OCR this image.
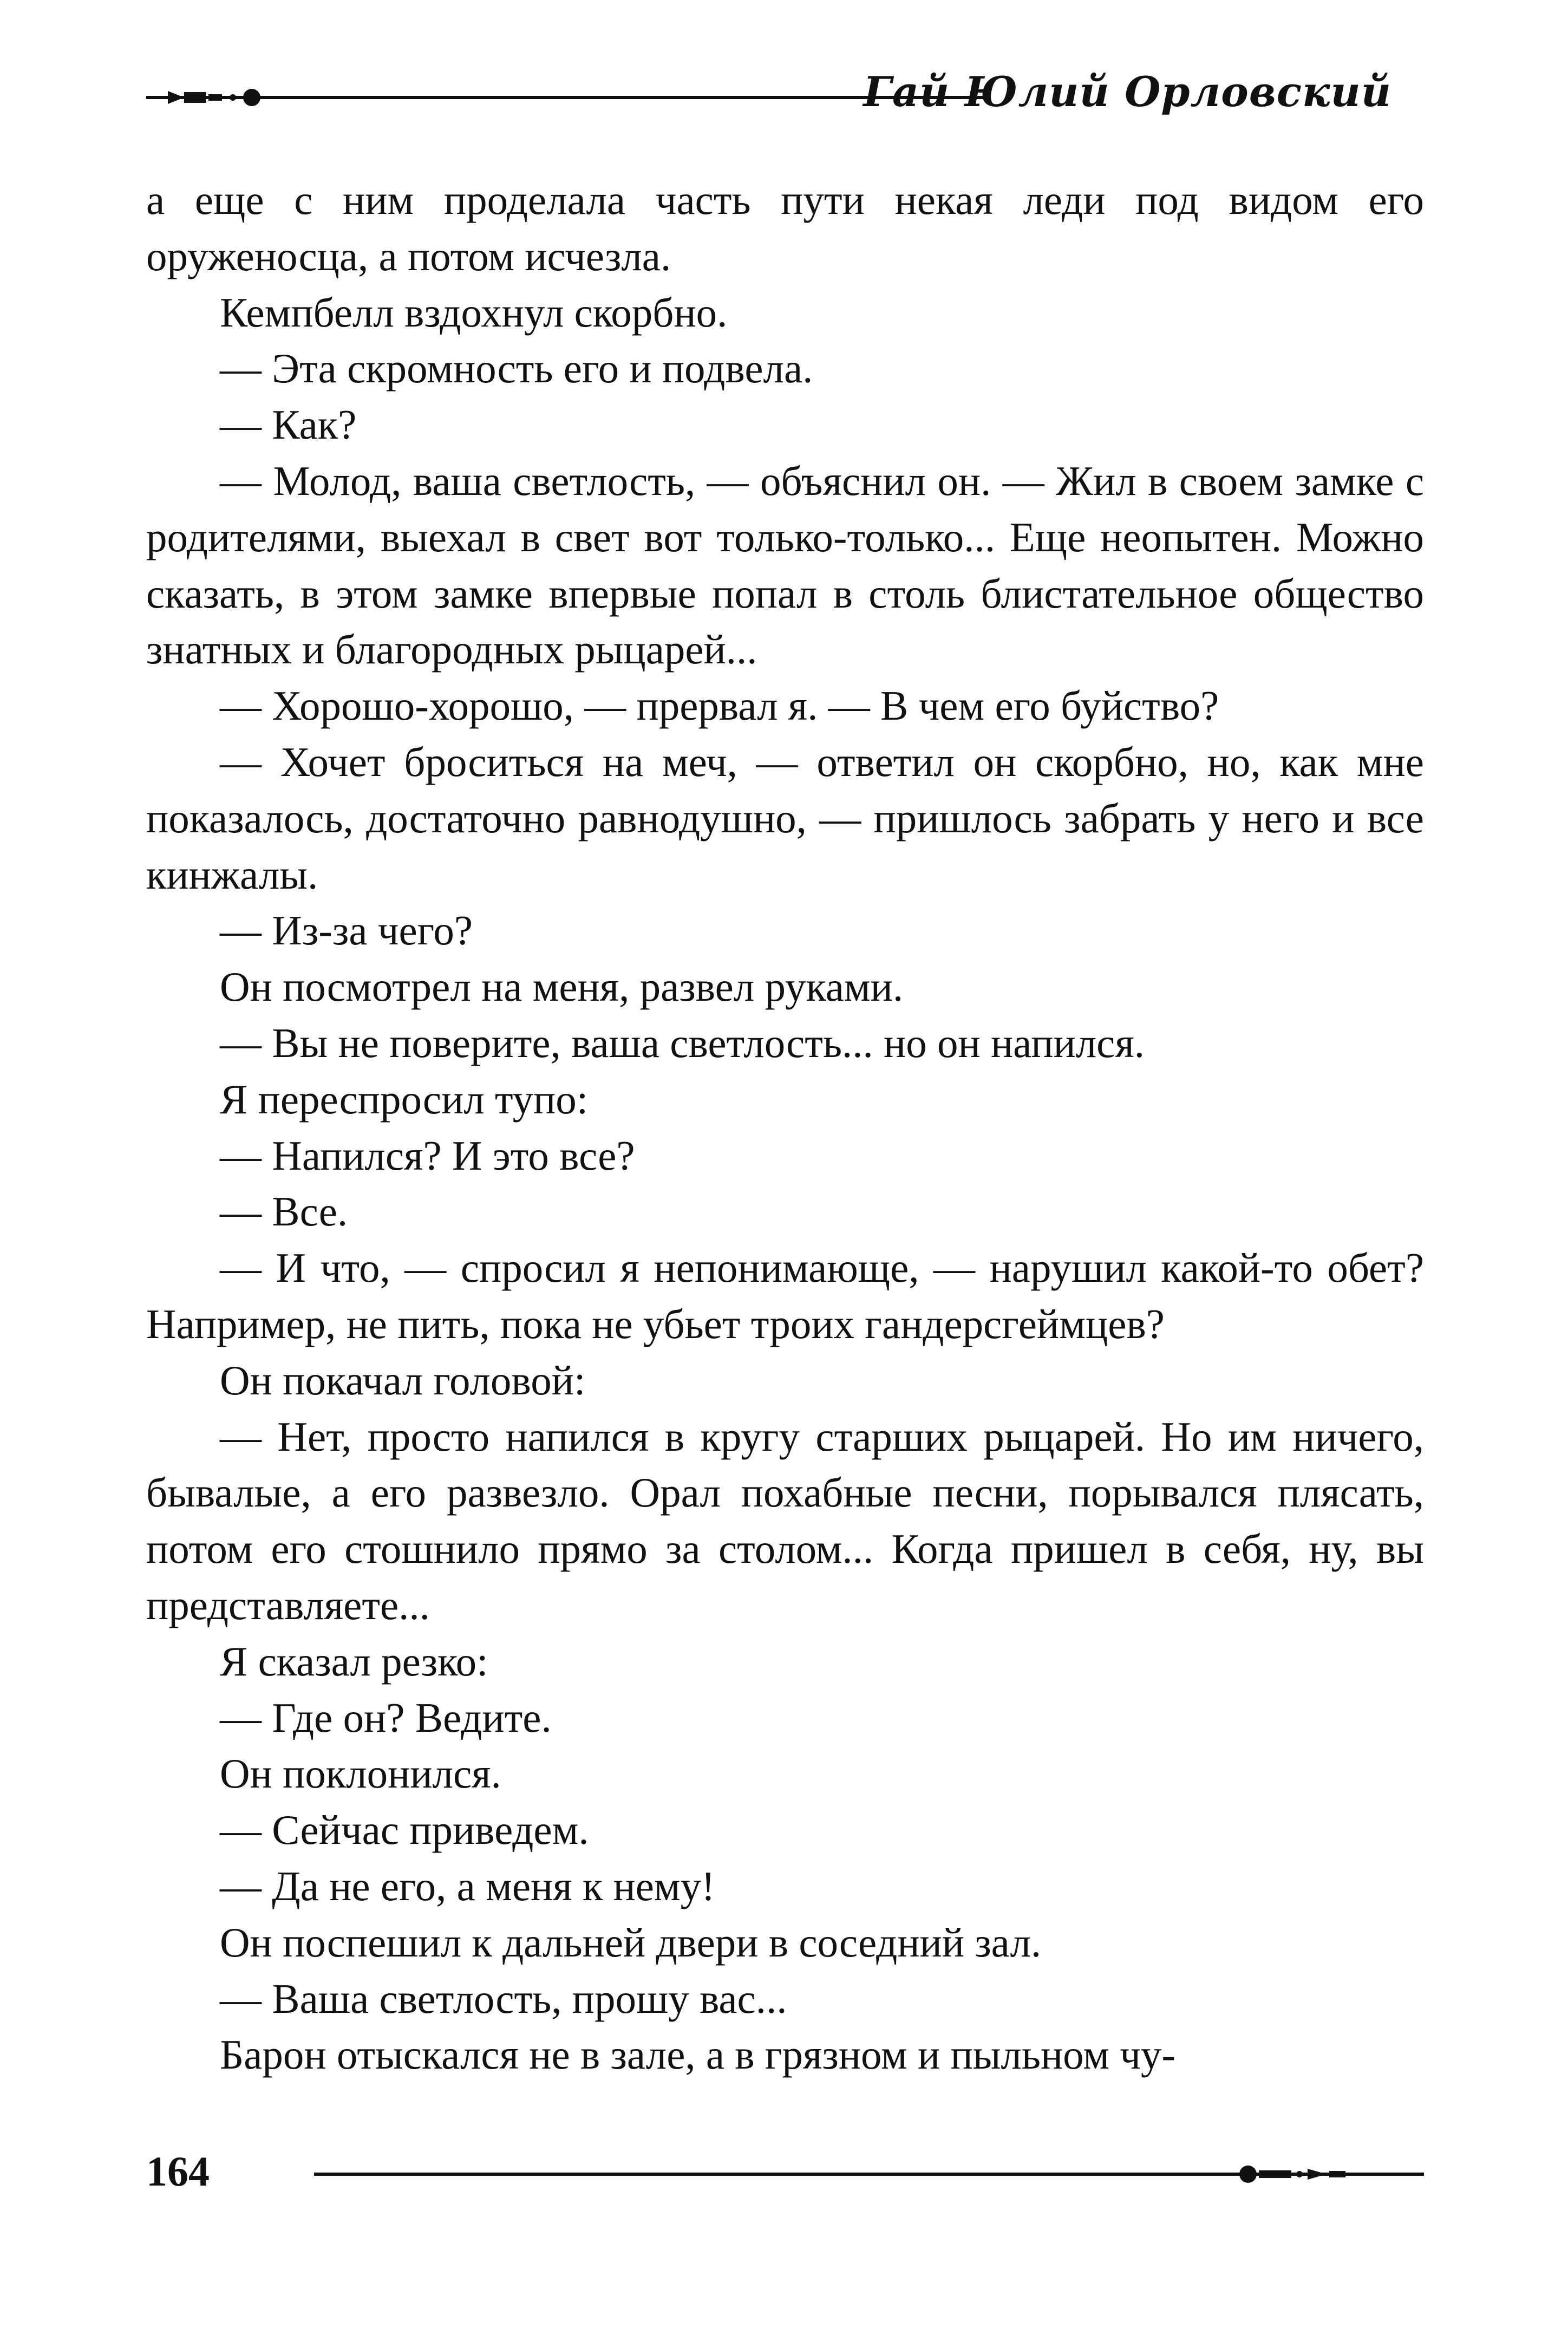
Гай Юлий Орловский

а еще с ним проделала часть пути некая леди под видом его оруженосца, а потом исчезла.

Кемпбелл вздохнул скорбно.

— Эта скромность его и подвела.

— Как?

— Молод, ваша светлость, — объяснил он. — Жил в своем замке с родителями, выехал в свет вот только-только... Еще неопытен. Можно сказать, в этом замке впервые попал в столь блистательное общество знатных и благородных рыцарей...

— Хорошо-хорошо, — прервал я. — В чем его буйство?

— Хочет броситься на меч, — ответил он скорбно, но, как мне показалось, достаточно равнодушно, — пришлось забрать у него и все кинжалы.

— Из-за чего?

Он посмотрел на меня, развел руками.

— Вы не поверите, ваша светлость... но он напился.

Я переспросил тупо:

— Напился? И это все?

— Все.

— И что, — спросил я непонимающе, — нарушил какой-то обет? Например, не пить, пока не убьет троих гандерсгеймцев?

Он покачал головой:

— Нет, просто напился в кругу старших рыцарей. Но им ничего, бывалые, а его развезло. Орал похабные песни, порывался плясать, потом его стошнило прямо за столом... Когда пришел в себя, ну, вы представляете...

Я сказал резко:

— Где он? Ведите.

Он поклонился.

— Сейчас приведем.

— Да не его, а меня к нему!

Он поспешил к дальней двери в соседний зал.

— Ваша светлость, прошу вас...

Барон отыскался не в зале, а в грязном и пыльном чу-

164
